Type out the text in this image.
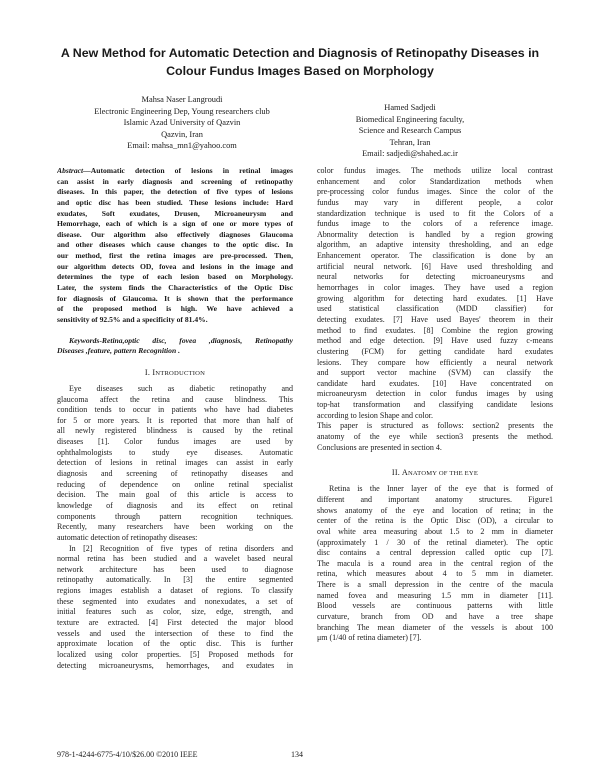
A New Method for Automatic Detection and Diagnosis of Retinopathy Diseases in
Colour Fundus Images Based on Morphology
Mahsa Naser Langroudi
Electronic Engineering Dep, Young researchers club
Islamic Azad University of Qazvin
Qazvin, Iran
Email: mahsa_mn1@yahoo.com
Hamed Sadjedi
Biomedical Engineering faculty,
Science and Research Campus
Tehran, Iran
Email: sadjedi@shahed.ac.ir
Abstract—Automatic detection of lesions in retinal images
can assist in early diagnosis and screening of retinopathy
diseases. In this paper, the detection of five types of lesions
and optic disc has been studied. These lesions include: Hard
exudates, Soft exudates, Drusen, Microaneurysm and
Hemorrhage, each of which is a sign of one or more types of
disease. Our algorithm also effectively diagnoses Glaucoma
and other diseases which cause changes to the optic disc. In
our method, first the retina images are pre-processed. Then,
our algorithm detects OD, fovea and lesions in the image and
determines the type of each lesion based on Morphology.
Later, the system finds the Characteristics of the Optic Disc
for diagnosis of Glaucoma. It is shown that the performance
of the proposed method is high. We have achieved a
sensitivity of 92.5% and a specificity of 81.4%.
Keywords-Retina,optic disc, fovea ,diagnosis, Retinopathy
Diseases ,feature, pattern Recognition .
I. INTRODUCTION
Eye diseases such as diabetic retinopathy and
glaucoma affect the retina and cause blindness. This
condition tends to occur in patients who have had diabetes
for 5 or more years. It is reported that more than half of
all newly registered blindness is caused by the retinal
diseases [1]. Color fundus images are used by
ophthalmologists to study eye diseases. Automatic
detection of lesions in retinal images can assist in early
diagnosis and screening of retinopathy diseases and
reducing of dependence on online retinal specialist
decision. The main goal of this article is access to
knowledge of diagnosis and its effect on retinal
components through pattern recognition techniques.
Recently, many researchers have been working on the
automatic detection of retinopathy diseases:
In [2] Recognition of five types of retina disorders and
normal retina has been studied and a wavelet based neural
network architecture has been used to diagnose
retinopathy automatically. In [3] the entire segmented
regions images establish a dataset of regions. To classify
these segmented into exudates and nonexudates, a set of
initial features such as color, size, edge, strength, and
texture are extracted. [4] First detected the major blood
vessels and used the intersection of these to find the
approximate location of the optic disc. This is further
localized using color properties. [5] Proposed methods for
detecting microaneurysms, hemorrhages, and exudates in
color fundus images. The methods utilize local contrast
enhancement and color Standardization methods when
pre-processing color fundus images. Since the color of the
fundus may vary in different people, a color
standardization technique is used to fit the Colors of a
fundus image to the colors of a reference image.
Abnormality detection is handled by a region growing
algorithm, an adaptive intensity thresholding, and an edge
Enhancement operator. The classification is done by an
artificial neural network. [6] Have used thresholding and
neural networks for detecting microaneurysms and
hemorrhages in color images. They have used a region
growing algorithm for detecting hard exudates. [1] Have
used statistical classification (MDD classifier) for
detecting exudates. [7] Have used Bayes' theorem in their
method to find exudates. [8] Combine the region growing
method and edge detection. [9] Have used fuzzy c-means
clustering (FCM) for getting candidate hard exudates
lesions. They compare how efficiently a neural network
and support vector machine (SVM) can classify the
candidate hard exudates. [10] Have concentrated on
microaneurysm detection in color fundus images by using
top-hat transformation and classifying candidate lesions
according to lesion Shape and color.
This paper is structured as follows: section2 presents the
anatomy of the eye while section3 presents the method.
Conclusions are presented in section 4.
II. ANATOMY OF THE EYE
Retina is the Inner layer of the eye that is formed of
different and important anatomy structures. Figure1
shows anatomy of the eye and location of retina; in the
center of the retina is the Optic Disc (OD), a circular to
oval white area measuring about 1.5 to 2 mm in diameter
(approximately 1 / 30 of the retinal diameter). The optic
disc contains a central depression called optic cup [7].
The macula is a round area in the central region of the
retina, which measures about 4 to 5 mm in diameter.
There is a small depression in the centre of the macula
named fovea and measuring 1.5 mm in diameter [11].
Blood vessels are continuous patterns with little
curvature, branch from OD and have a tree shape
branching The mean diameter of the vessels is about 100
μm (1/40 of retina diameter) [7].
978-1-4244-6775-4/10/$26.00 ©2010 IEEE	134
